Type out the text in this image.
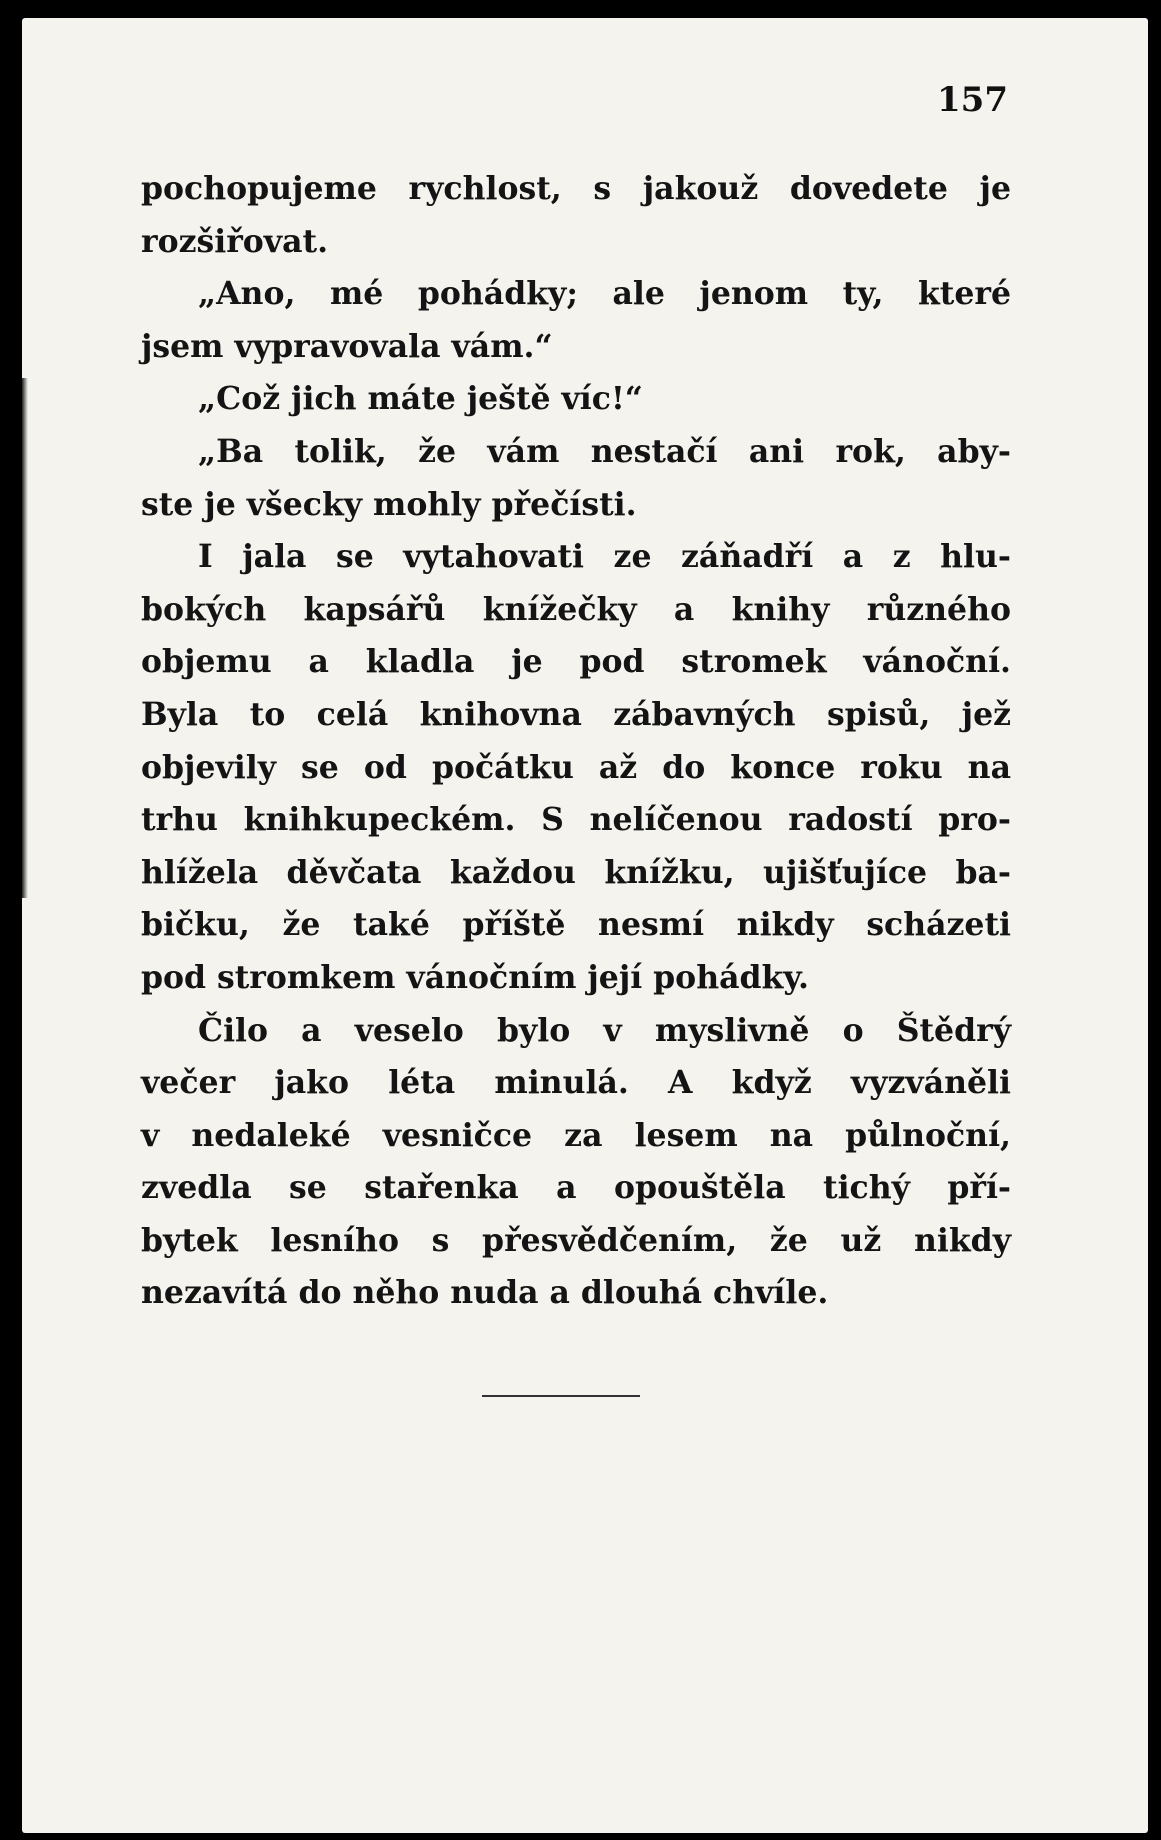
157
pochopujeme rychlost, s jakouž dovedete je
rozšiřovat.
„Ano, mé pohádky; ale jenom ty, které
jsem vypravovala vám.“
„Což jich máte ještě víc!“
„Ba tolik, že vám nestačí ani rok, aby-
ste je všecky mohly přečísti.
I jala se vytahovati ze záňadří a z hlu-
bokých kapsářů knížečky a knihy různého
objemu a kladla je pod stromek vánoční.
Byla to celá knihovna zábavných spisů, jež
objevily se od počátku až do konce roku na
trhu knihkupeckém. S nelíčenou radostí pro-
hlížela děvčata každou knížku, ujišťujíce ba-
bičku, že také příště nesmí nikdy scházeti
pod stromkem vánočním její pohádky.
Čilo a veselo bylo v myslivně o Štědrý
večer jako léta minulá. A když vyzváněli
v nedaleké vesničce za lesem na půlnoční,
zvedla se stařenka a opouštěla tichý pří-
bytek lesního s přesvědčením, že už nikdy
nezavítá do něho nuda a dlouhá chvíle.
